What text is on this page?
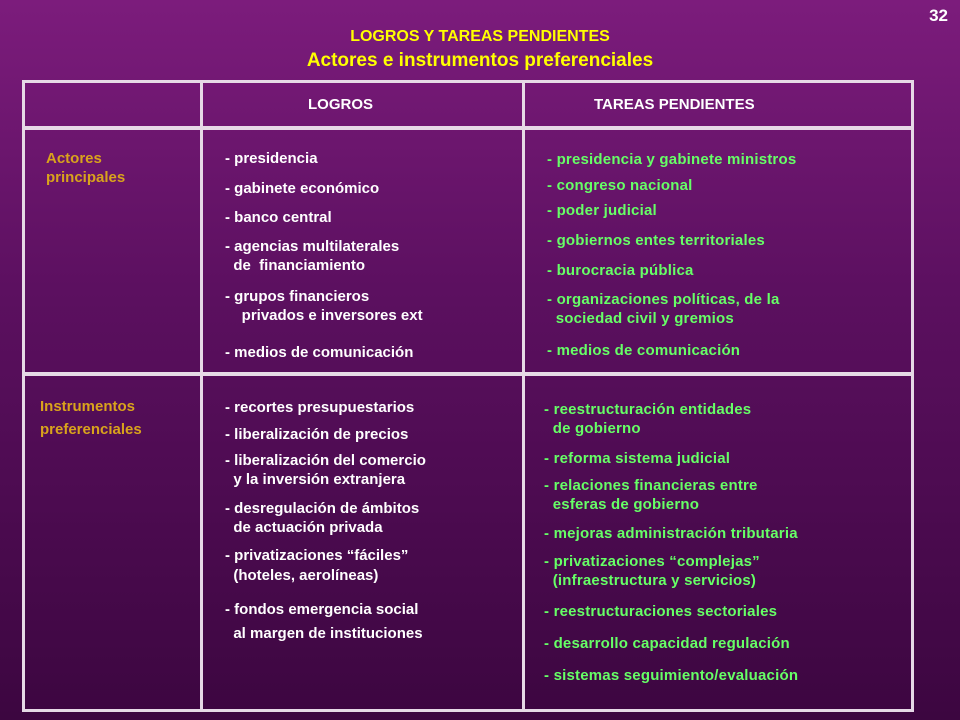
32
LOGROS Y TAREAS PENDIENTES
Actores e instrumentos preferenciales
LOGROS	TAREAS PENDIENTES
Actores
principales
Instrumentos
preferenciales
- presidencia
- gabinete económico
- banco central
- agencias multilaterales
de  financiamiento
- grupos financieros
privados e inversores ext
- medios de comunicación
- presidencia y gabinete ministros
- congreso nacional
- poder judicial
- gobiernos entes territoriales
- burocracia pública
- organizaciones políticas, de la
sociedad civil y gremios
- medios de comunicación
- recortes presupuestarios
- liberalización de precios
- liberalización del comercio
y la inversión extranjera
- desregulación de ámbitos
de actuación privada
- privatizaciones “fáciles”
(hoteles, aerolíneas)
- fondos emergencia social
al margen de instituciones
- reestructuración entidades
de gobierno
- reforma sistema judicial
- relaciones financieras entre
esferas de gobierno
- mejoras administración tributaria
- privatizaciones “complejas”
(infraestructura y servicios)
- reestructuraciones sectoriales
- desarrollo capacidad regulación
- sistemas seguimiento/evaluación
